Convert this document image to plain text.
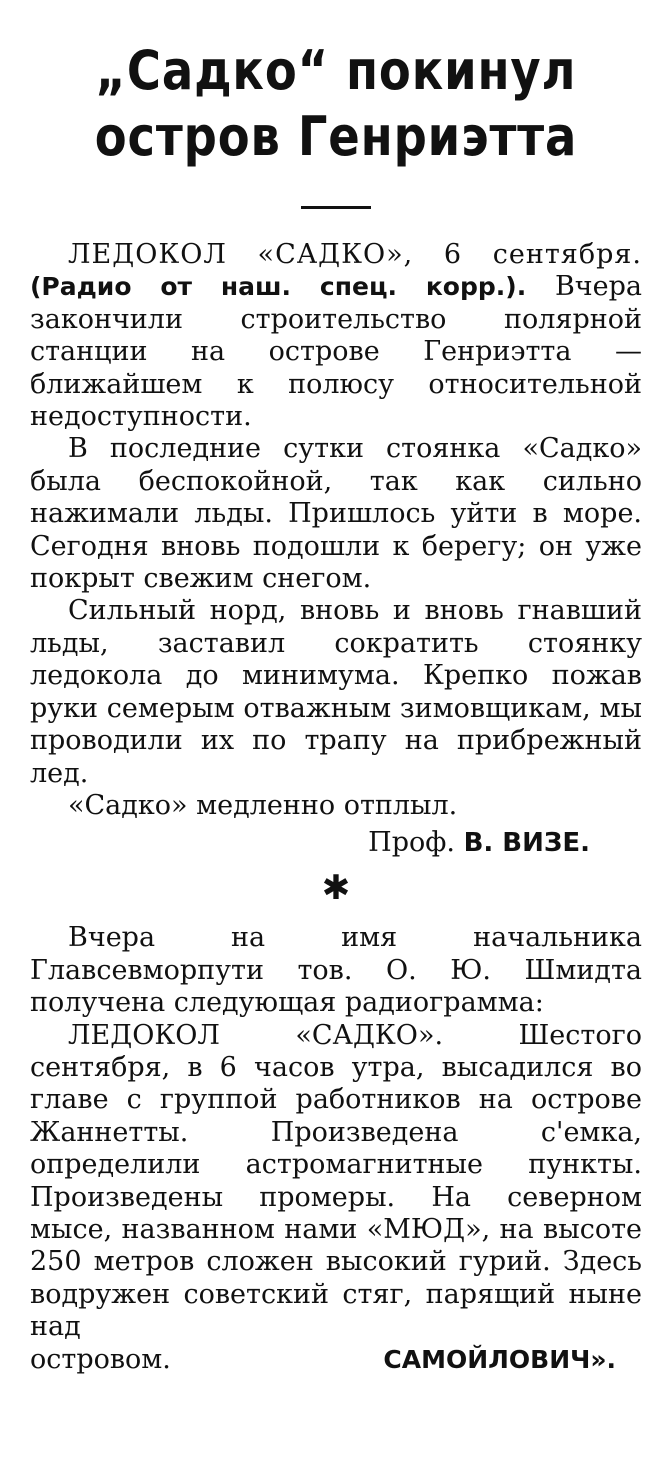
„Садко“ покинул
остров Генриэтта

ЛЕДОКОЛ «САДКО», 6 сентября. (Радио от наш. спец. корр.). Вчера закончили строительство полярной станции на острове Генриэтта — ближайшем к полюсу относительной недоступности.

В последние сутки стоянка «Садко» была беспокойной, так как сильно нажимали льды. Пришлось уйти в море. Сегодня вновь подошли к берегу; он уже покрыт свежим снегом.

Сильный норд, вновь и вновь гнавший льды, заставил сократить стоянку ледокола до минимума. Крепко пожав руки семерым отважным зимовщикам, мы проводили их по трапу на прибрежный лед.

«Садко» медленно отплыл.

Проф. В. ВИЗЕ.
✱

Вчера на имя начальника Главсевморпути тов. О. Ю. Шмидта получена следующая радиограмма:

ЛЕДОКОЛ «САДКО». Шестого сентября, в 6 часов утра, высадился во главе с группой работников на острове Жаннетты. Произведена с'емка, определили астромагнитные пункты. Произведены промеры. На северном мысе, названном нами «МЮД», на высоте 250 метров сложен высокий гурий. Здесь водружен советский стяг, парящий ныне над

островом.	САМОЙЛОВИЧ».
